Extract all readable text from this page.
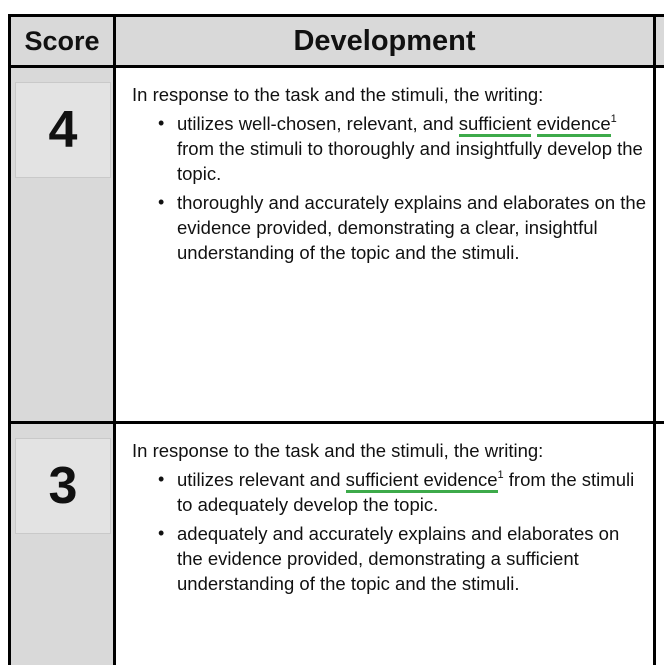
Score	Development
4
In response to the task and the stimuli, the writing:
• utilizes well-chosen, relevant, and sufficient evidence$^1$ from the stimuli to thoroughly and insightfully develop the topic.
• thoroughly and accurately explains and elaborates on the evidence provided, demonstrating a clear, insightful understanding of the topic and the stimuli.
3
In response to the task and the stimuli, the writing:
• utilizes relevant and sufficient evidence$^1$ from the stimuli to adequately develop the topic.
• adequately and accurately explains and elaborates on the evidence provided, demonstrating a sufficient understanding of the topic and the stimuli.
